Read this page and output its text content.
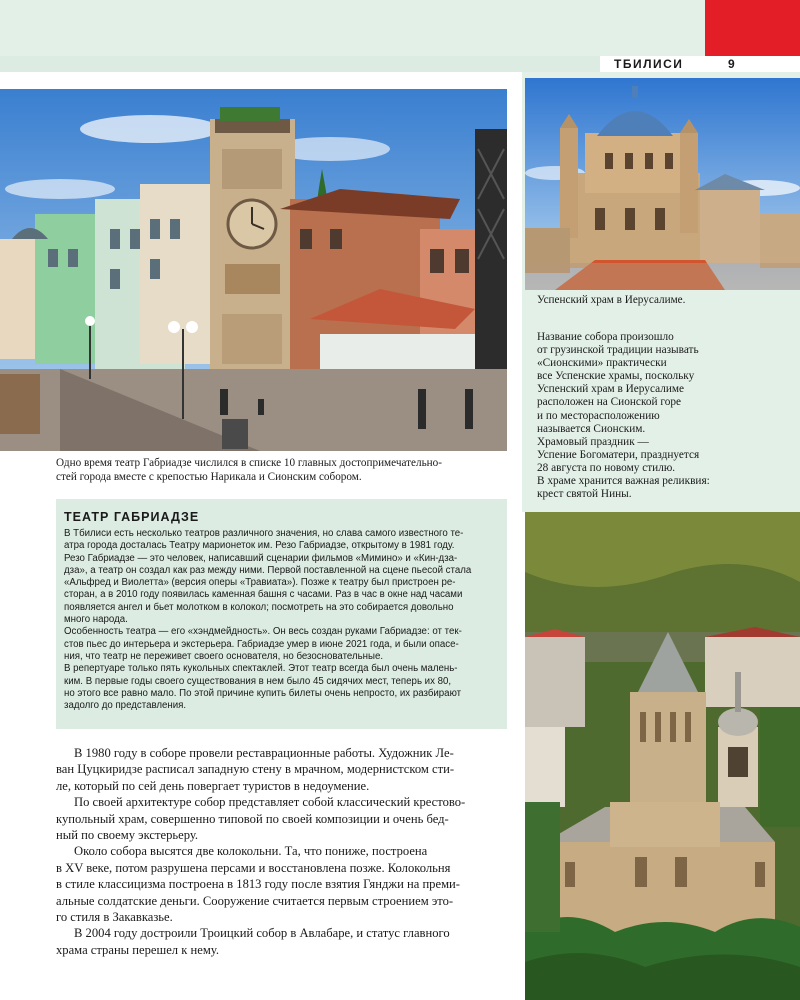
ТБИЛИСИ	9
Одно время театр Габриадзе числился в списке 10 главных достопримечательно-
стей города вместе с крепостью Нарикала и Сионским собором.
Успенский храм в Иерусалиме.
Название собора произошло
от грузинской традиции называть
«Сионскими» практически
все Успенские храмы, поскольку
Успенский храм в Иерусалиме
расположен на Сионской горе
и по месторасположению
называется Сионским.
Храмовый праздник —
Успение Богоматери, празднуется
28 августа по новому стилю.
В храме хранится важная реликвия:
крест святой Нины.
ТЕАТР ГАБРИАДЗЕ
В Тбилиси есть несколько театров различного значения, но слава самого известного те-
атра города досталась Театру марионеток им. Резо Габриадзе, открытому в 1981 году.
Резо Габриадзе — это человек, написавший сценарии фильмов «Мимино» и «Кин-дза-
дза», а театр он создал как раз между ними. Первой поставленной на сцене пьесой стала
«Альфред и Виолетта» (версия оперы «Травиата»). Позже к театру был пристроен ре-
сторан, а в 2010 году появилась каменная башня с часами. Раз в час в окне над часами
появляется ангел и бьет молотком в колокол; посмотреть на это собирается довольно
много народа.
Особенность театра — его «хэндмейдность». Он весь создан руками Габриадзе: от тек-
стов пьес до интерьера и экстерьера. Габриадзе умер в июне 2021 года, и были опасе-
ния, что театр не переживет своего основателя, но безосновательные.
В репертуаре только пять кукольных спектаклей. Этот театр всегда был очень малень-
ким. В первые годы своего существования в нем было 45 сидячих мест, теперь их 80,
но этого все равно мало. По этой причине купить билеты очень непросто, их разбирают
задолго до представления.
В 1980 году в соборе провели реставрационные работы. Художник Ле-
ван Цуцкиридзе расписал западную стену в мрачном, модернистском сти-
ле, который по сей день повергает туристов в недоумение.
По своей архитектуре собор представляет собой классический крестово-
купольный храм, совершенно типовой по своей композиции и очень бед-
ный по своему экстерьеру.
Около собора высятся две колокольни. Та, что пониже, построена
в XV веке, потом разрушена персами и восстановлена позже. Колокольня
в стиле классицизма построена в 1813 году после взятия Гянджи на преми-
альные солдатские деньги. Сооружение считается первым строением это-
го стиля в Закавказье.
В 2004 году достроили Троицкий собор в Авлабаре, и статус главного
храма страны перешел к нему.
